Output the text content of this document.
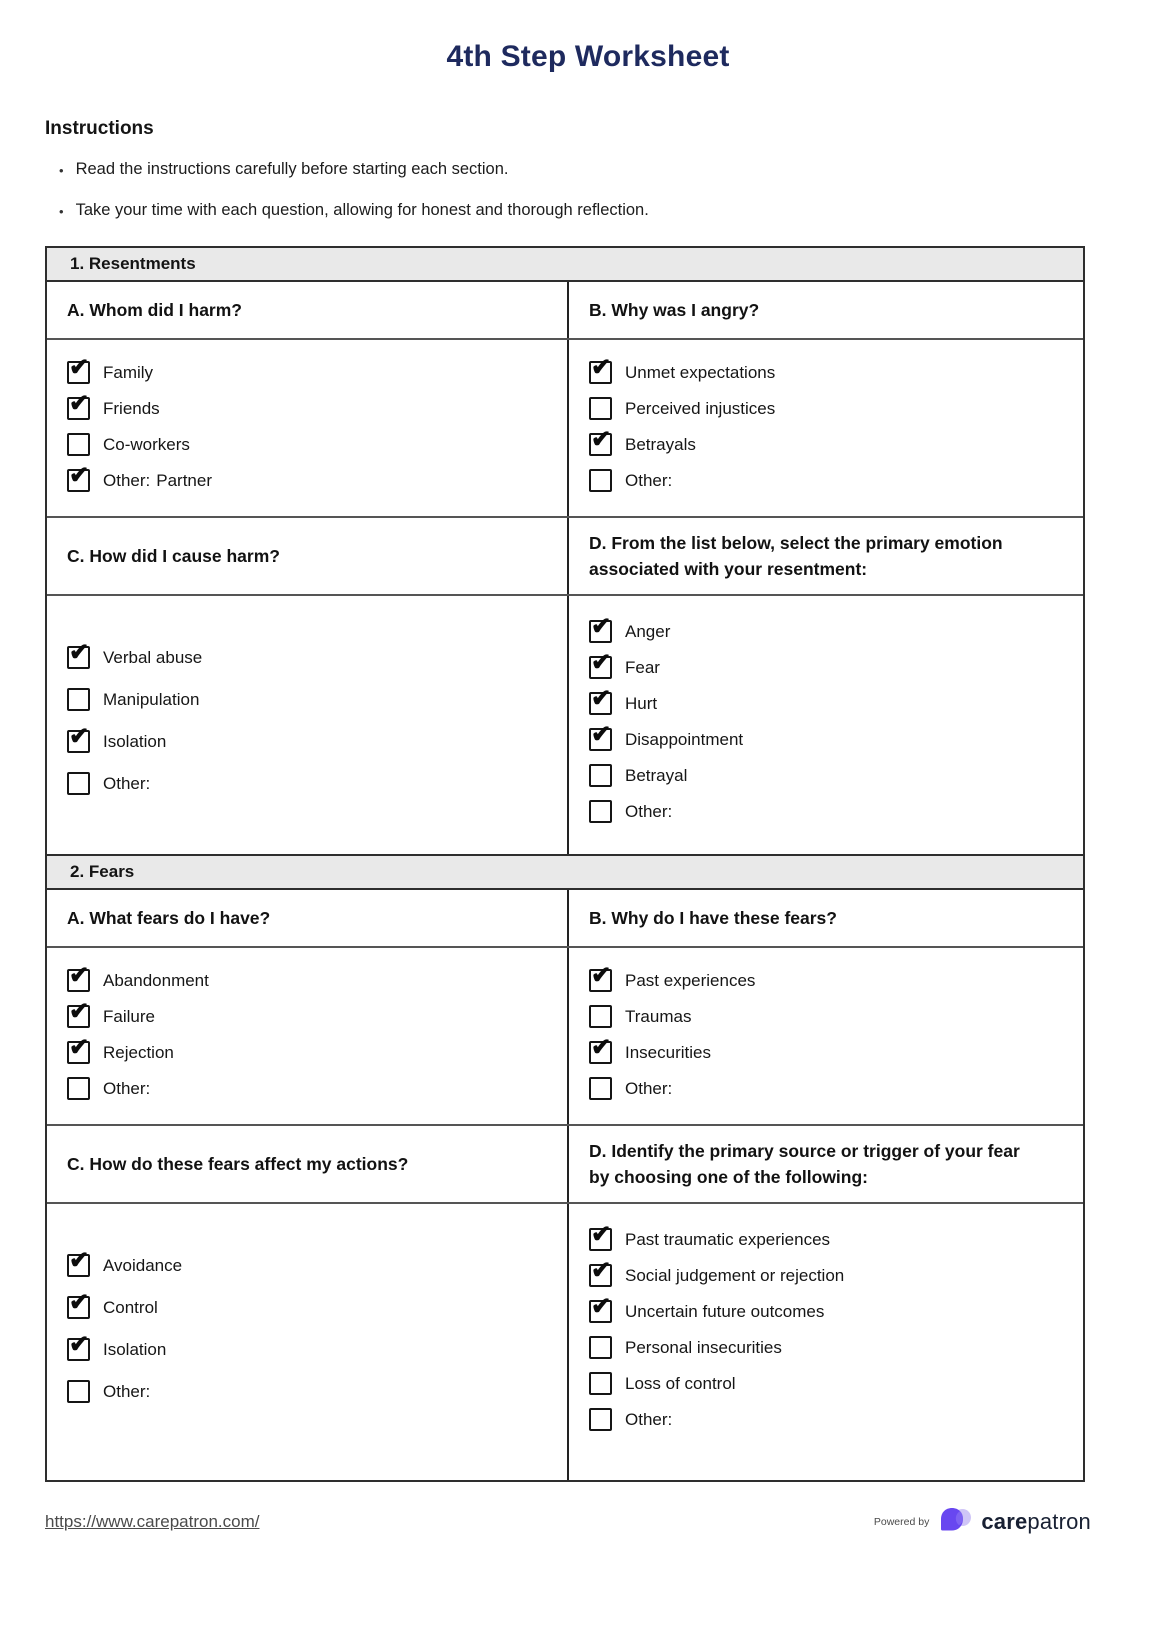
4th Step Worksheet
Instructions
• Read the instructions carefully before starting each section.
• Take your time with each question, allowing for honest and thorough reflection.
1. Resentments
A. Whom did I harm?	B. Why was I angry?
✔ Family
✔ Friends
Co-workers
✔ Other: Partner
✔ Unmet expectations
Perceived injustices
✔ Betrayals
Other:
C. How did I cause harm?
D. From the list below, select the primary emotion associated with your resentment:
✔ Verbal abuse
Manipulation
✔ Isolation
Other:
✔ Anger
✔ Fear
✔ Hurt
✔ Disappointment
Betrayal
Other:
2. Fears
A. What fears do I have?	B. Why do I have these fears?
✔ Abandonment
✔ Failure
✔ Rejection
Other:
✔ Past experiences
Traumas
✔ Insecurities
Other:
C. How do these fears affect my actions?
D. Identify the primary source or trigger of your fear by choosing one of the following:
✔ Avoidance
✔ Control
✔ Isolation
Other:
✔ Past traumatic experiences
✔ Social judgement or rejection
✔ Uncertain future outcomes
Personal insecurities
Loss of control
Other:
https://www.carepatron.com/	Powered by carepatron
